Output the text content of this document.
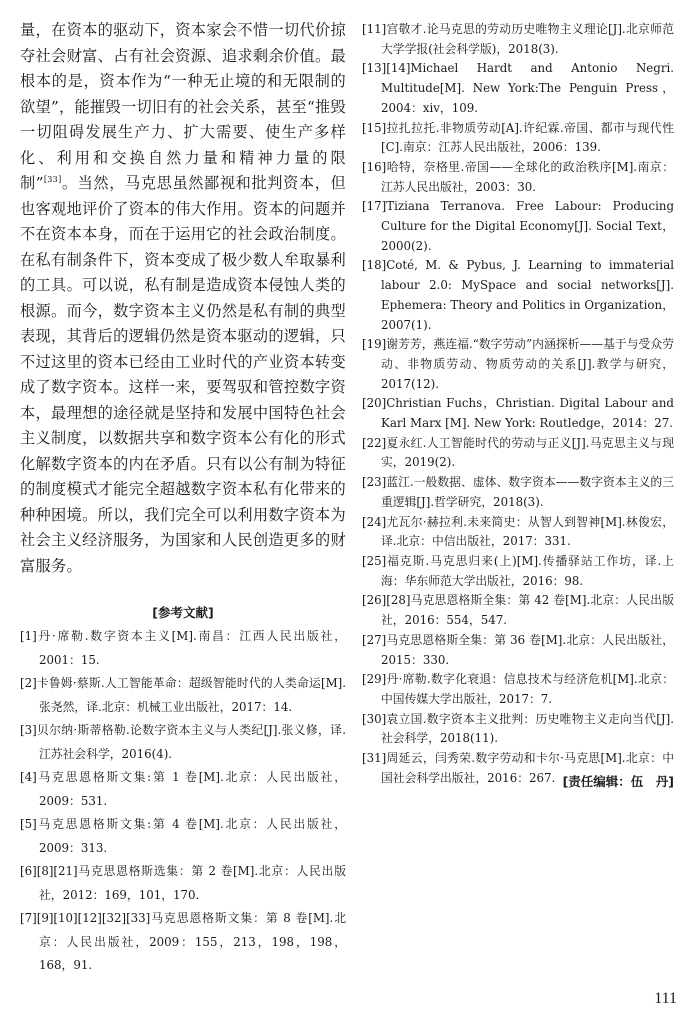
量，在资本的驱动下，资本家会不惜一切代价掠夺社会财富、占有社会资源、追求剩余价值。最根本的是，资本作为“一种无止境的和无限制的欲望”，能摧毁一切旧有的社会关系，甚至“推毁一切阻碍发展生产力、扩大需要、使生产多样化、利用和交换自然力量和精神力量的限制”[33]。当然，马克思虽然鄙视和批判资本，但也客观地评价了资本的伟大作用。资本的问题并不在资本本身，而在于运用它的社会政治制度。在私有制条件下，资本变成了极少数人牟取暴利的工具。可以说，私有制是造成资本侵蚀人类的根源。而今，数字资本主义仍然是私有制的典型表现，其背后的逻辑仍然是资本驱动的逻辑，只不过这里的资本已经由工业时代的产业资本转变成了数字资本。这样一来，要驾驭和管控数字资本，最理想的途径就是坚持和发展中国特色社会主义制度，以数据共享和数字资本公有化的形式化解数字资本的内在矛盾。只有以公有制为特征的制度模式才能完全超越数字资本私有化带来的种种困境。所以，我们完全可以利用数字资本为社会主义经济服务，为国家和人民创造更多的财富服务。

[参考文献]

[1]丹·席勒.数字资本主义[M].南昌：江西人民出版社，2001：15.

[2]卡鲁姆·蔡斯.人工智能革命：超级智能时代的人类命运[M].张尧然，译.北京：机械工业出版社，2017：14.

[3]贝尔纳·斯蒂格勒.论数字资本主义与人类纪[J].张义修，译.江苏社会科学，2016(4).

[4]马克思恩格斯文集:第 1 卷[M].北京：人民出版社，2009：531.

[5]马克思恩格斯文集:第 4 卷[M].北京：人民出版社，2009：313.

[6][8][21]马克思恩格斯选集：第 2 卷[M].北京：人民出版社，2012：169，101，170.

[7][9][10][12][32][33]马克思恩格斯文集：第 8 卷[M].北京：人民出版社，2009：155，213，198，198，168，91.

[11]宫敬才.论马克思的劳动历史唯物主义理论[J].北京师范大学学报(社会科学版)，2018(3).

[13][14]Michael Hardt and Antonio Negri. Multitude[M]. New York:The Penguin Press，2004：xiv，109.

[15]拉扎拉托.非物质劳动[A].许纪霖.帝国、都市与现代性[C].南京：江苏人民出版社，2006：139.

[16]哈特，奈格里.帝国——全球化的政治秩序[M].南京：江苏人民出版社，2003：30.

[17]Tiziana Terranova. Free Labour: Producing Culture for the Digital Economy[J]. Social Text，2000(2).

[18]Coté, M. & Pybus, J. Learning to immaterial labour 2.0: MySpace and social networks[J]. Ephemera: Theory and Politics in Organization，2007(1).

[19]谢芳芳，燕连福.“数字劳动”内涵探析——基于与受众劳动、非物质劳动、物质劳动的关系[J].教学与研究，2017(12).

[20]Christian Fuchs，Christian. Digital Labour and Karl Marx [M]. New York: Routledge，2014：27.

[22]夏永红.人工智能时代的劳动与正义[J].马克思主义与现实，2019(2).

[23]蓝江.一般数据、虚体、数字资本——数字资本主义的三重逻辑[J].哲学研究，2018(3).

[24]尤瓦尔·赫拉利.未来简史：从智人到智神[M].林俊宏，译.北京：中信出版社，2017：331.

[25]福克斯.马克思归来(上)[M].传播驿站工作坊，译.上海：华东师范大学出版社，2016：98.

[26][28]马克思恩格斯全集：第 42 卷[M].北京：人民出版社，2016：554，547.

[27]马克思恩格斯全集：第 36 卷[M].北京：人民出版社，2015：330.

[29]丹·席勒.数字化衰退：信息技术与经济危机[M].北京：中国传媒大学出版社，2017：7.

[30]袁立国.数字资本主义批判：历史唯物主义走向当代[J].社会科学，2018(11).

[31]周延云，闫秀荣.数字劳动和卡尔·马克思[M].北京：中国社会科学出版社，2016：267. [责任编辑：伍　丹]
111
